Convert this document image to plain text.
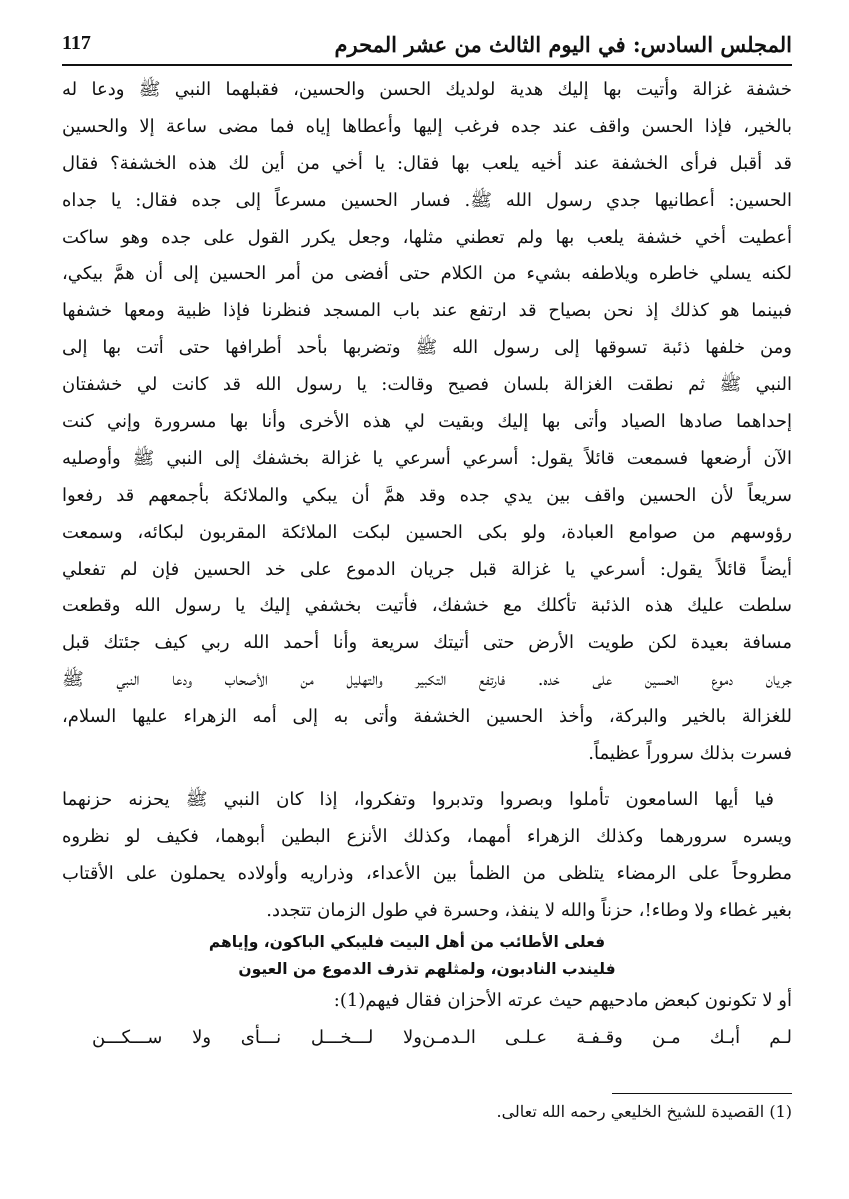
المجلس السادس: في اليوم الثالث من عشر المحرم
117
خشفة غزالة وأتيت بها إليك هدية لولديك الحسن والحسين، فقبلهما النبي ﷺ ودعا له
بالخير، فإذا الحسن واقف عند جده فرغب إليها وأعطاها إياه فما مضى ساعة إلا والحسين
قد أقبل فرأى الخشفة عند أخيه يلعب بها فقال: يا أخي من أين لك هذه الخشفة؟ فقال
الحسين: أعطانيها جدي رسول الله ﷺ. فسار الحسين مسرعاً إلى جده فقال: يا جداه
أعطيت أخي خشفة يلعب بها ولم تعطني مثلها، وجعل يكرر القول على جده وهو ساكت
لكنه يسلي خاطره ويلاطفه بشيء من الكلام حتى أفضى من أمر الحسين إلى أن همَّ بيكي،
فبينما هو كذلك إذ نحن بصياح قد ارتفع عند باب المسجد فنظرنا فإذا ظبية ومعها خشفها
ومن خلفها ذئبة تسوقها إلى رسول الله ﷺ وتضربها بأحد أطرافها حتى أتت بها إلى
النبي ﷺ ثم نطقت الغزالة بلسان فصيح وقالت: يا رسول الله قد كانت لي خشفتان
إحداهما صادها الصياد وأتى بها إليك وبقيت لي هذه الأخرى وأنا بها مسرورة وإني كنت
الآن أرضعها فسمعت قائلاً يقول: أسرعي أسرعي يا غزالة بخشفك إلى النبي ﷺ وأوصليه
سريعاً لأن الحسين واقف بين يدي جده وقد همَّ أن يبكي والملائكة بأجمعهم قد رفعوا
رؤوسهم من صوامع العبادة، ولو بكى الحسين لبكت الملائكة المقربون لبكائه، وسمعت
أيضاً قائلاً يقول: أسرعي يا غزالة قبل جريان الدموع على خد الحسين فإن لم تفعلي
سلطت عليك هذه الذئبة تأكلك مع خشفك، فأتيت بخشفي إليك يا رسول الله وقطعت
مسافة بعيدة لكن طويت الأرض حتى أتيتك سريعة وأنا أحمد الله ربي كيف جئتك قبل
جريان دموع الحسين على خده. فارتفع التكبير والتهليل من الأصحاب ودعا النبي ﷺ
للغزالة بالخير والبركة، وأخذ الحسين الخشفة وأتى به إلى أمه الزهراء عليها السلام،
فسرت بذلك سروراً عظيماً.
فيا أيها السامعون تأملوا وبصروا وتدبروا وتفكروا، إذا كان النبي ﷺ يحزنه حزنهما
ويسره سرورهما وكذلك الزهراء أمهما، وكذلك الأنزع البطين أبوهما، فكيف لو نظروه
مطروحاً على الرمضاء يتلظى من الظمأ بين الأعداء، وذراريه وأولاده يحملون على الأقتاب
بغير غطاء ولا وطاء!، حزناً والله لا ينفذ، وحسرة في طول الزمان تتجدد.
فعلى الأطائب من أهل البيت فليبكي الباكون، وإياهم
فليندب النادبون، ولمثلهم تذرف الدموع من العيون
أو لا تكونون كبعض مادحيهم حيث عرته الأحزان فقال فيهم(1):
لـم أبـك مـن وقـفـة عـلـى الـدمـن
ولا لـــخـــل نـــأى ولا ســـكـــن
(1) القصيدة للشيخ الخليعي رحمه الله تعالى.
